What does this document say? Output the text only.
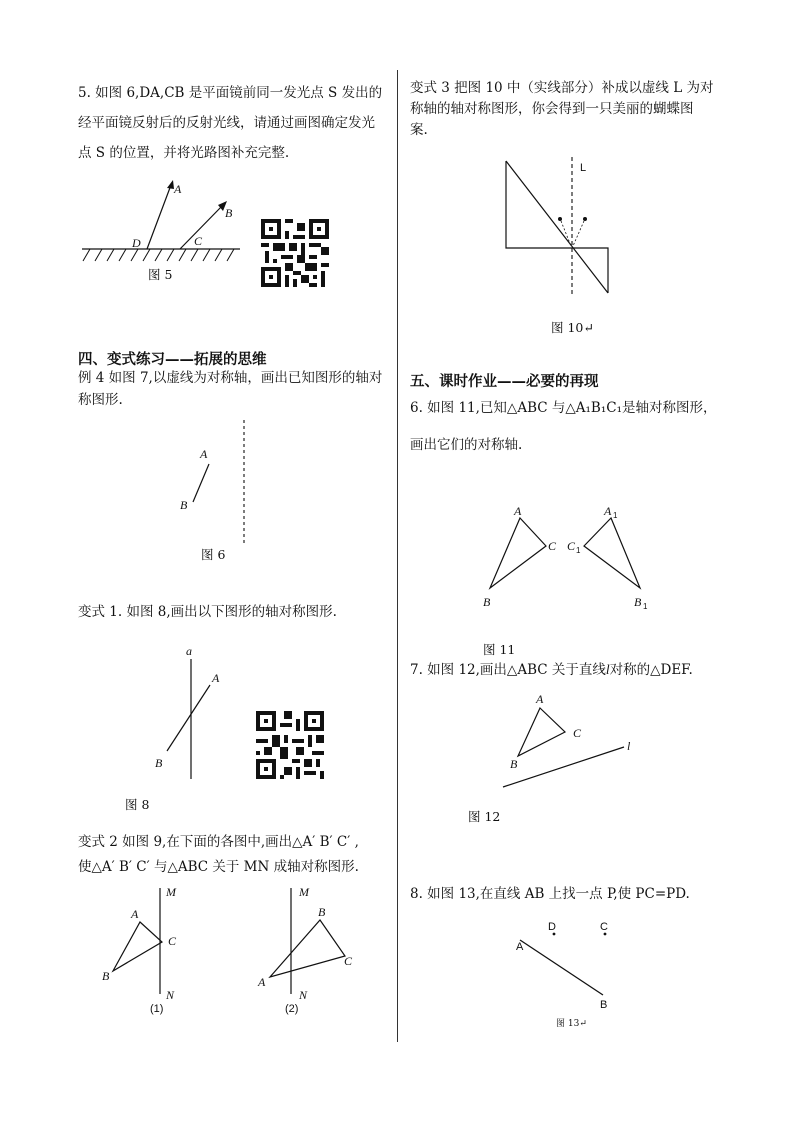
5. 如图 6,DA,CB 是平面镜前同一发光点 S 发出的
经平面镜反射后的反射光线，请通过画图确定发光
点 S 的位置，并将光路图补充完整.
A
B
C
D
图 5
四、变式练习——拓展的思维
例 4 如图 7,以虚线为对称轴，画出已知图形的轴对
称图形.
A
B
图 6
变式 1. 如图 8,画出以下图形的轴对称图形.
a
A
B
图 8
变式 2 如图 9,在下面的各图中,画出△A′ B′ C′ ,
使△A′ B′ C′ 与△ABC 关于 MN 成轴对称图形.
M
N
A
C
B
(1)
M
N
B
C
A
(2)
变式 3 把图 10 中（实线部分）补成以虚线 L 为对
称轴的轴对称图形，你会得到一只美丽的蝴蝶图
案.
L
图 10↵
五、课时作业——必要的再现
6. 如图 11,已知△ABC 与△A₁B₁C₁是轴对称图形，
画出它们的对称轴.
A
C
B
A 1
C 1
B 1
图 11
7. 如图 12,画出△ABC 关于直线l对称的△DEF.
A
C
B
l
图 12
8. 如图 13,在直线 AB 上找一点 P,使 PC=PD.
A
B
D	C
图 13↵
